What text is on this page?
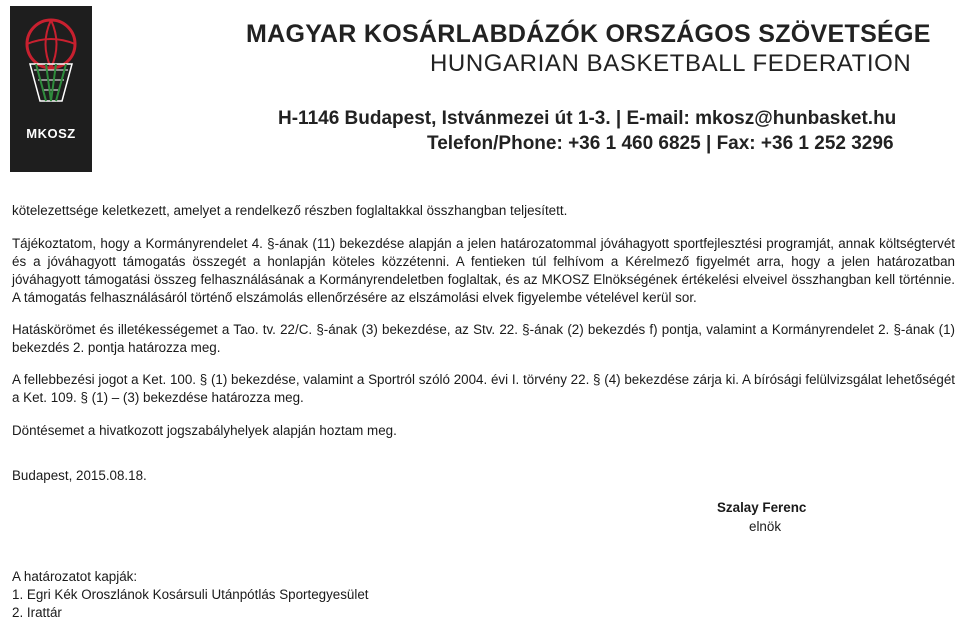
MKOSZ
MAGYAR KOSÁRLABDÁZÓK ORSZÁGOS SZÖVETSÉGE
HUNGARIAN BASKETBALL FEDERATION
H-1146 Budapest, Istvánmezei út 1-3. | E-mail: mkosz@hunbasket.hu
Telefon/Phone: +36 1 460 6825 | Fax: +36 1 252 3296

kötelezettsége keletkezett, amelyet a rendelkező részben foglaltakkal összhangban teljesített.

Tájékoztatom, hogy a Kormányrendelet 4. §-ának (11) bekezdése alapján a jelen határozatommal jóváhagyott sportfejlesztési programját, annak költségtervét és a jóváhagyott támogatás összegét a honlapján köteles közzétenni. A fentieken túl felhívom a Kérelmező figyelmét arra, hogy a jelen határozatban jóváhagyott támogatási összeg felhasználásának a Kormányrendeletben foglaltak, és az MKOSZ Elnökségének értékelési elveivel összhangban kell történnie. A támogatás felhasználásáról történő elszámolás ellenőrzésére az elszámolási elvek figyelembe vételével kerül sor.

Hatáskörömet és illetékességemet a Tao. tv. 22/C. §-ának (3) bekezdése, az Stv. 22. §-ának (2) bekezdés f) pontja, valamint a Kormányrendelet 2. §-ának (1) bekezdés 2. pontja határozza meg.

A fellebbezési jogot a Ket. 100. § (1) bekezdése, valamint a Sportról szóló 2004. évi I. törvény 22. § (4) bekezdése zárja ki. A bírósági felülvizsgálat lehetőségét a Ket. 109. § (1) – (3) bekezdése határozza meg.

Döntésemet a hivatkozott jogszabályhelyek alapján hoztam meg.

Budapest, 2015.08.18.

Szalay Ferenc
elnök
A határozatot kapják:
1. Egri Kék Oroszlánok Kosársuli Utánpótlás Sportegyesület
2. Irattár
